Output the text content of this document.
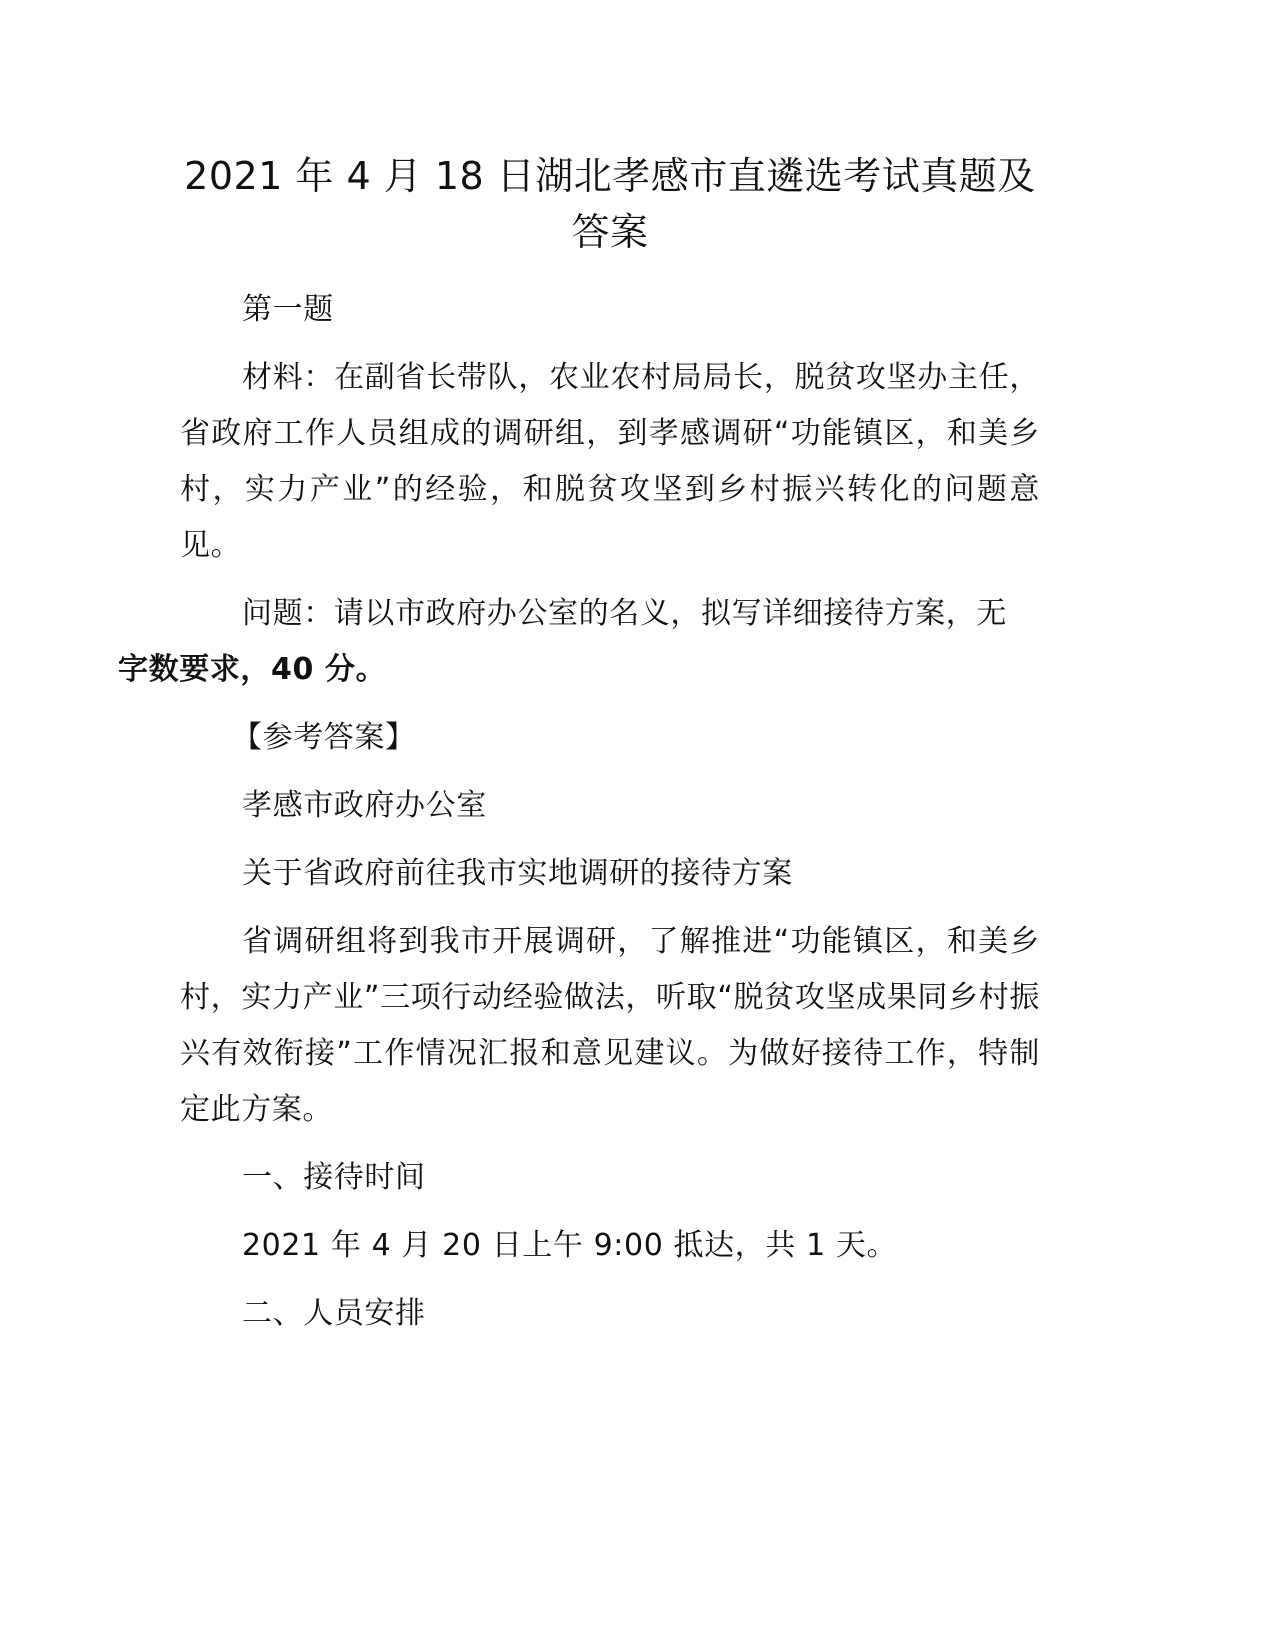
2021 年 4 月 18 日湖北孝感市直遴选考试真题及答案

第一题

材料：在副省长带队，农业农村局局长，脱贫攻坚办主任，省政府工作人员组成的调研组，到孝感调研“功能镇区，和美乡村，实力产业”的经验，和脱贫攻坚到乡村振兴转化的问题意见。

问题：请以市政府办公室的名义，拟写详细接待方案，无
字数要求，40 分。

【参考答案】

孝感市政府办公室

关于省政府前往我市实地调研的接待方案

省调研组将到我市开展调研，了解推进“功能镇区，和美乡村，实力产业”三项行动经验做法，听取“脱贫攻坚成果同乡村振兴有效衔接”工作情况汇报和意见建议。为做好接待工作，特制定此方案。

一、接待时间

2021 年 4 月 20 日上午 9:00 抵达，共 1 天。

二、人员安排
